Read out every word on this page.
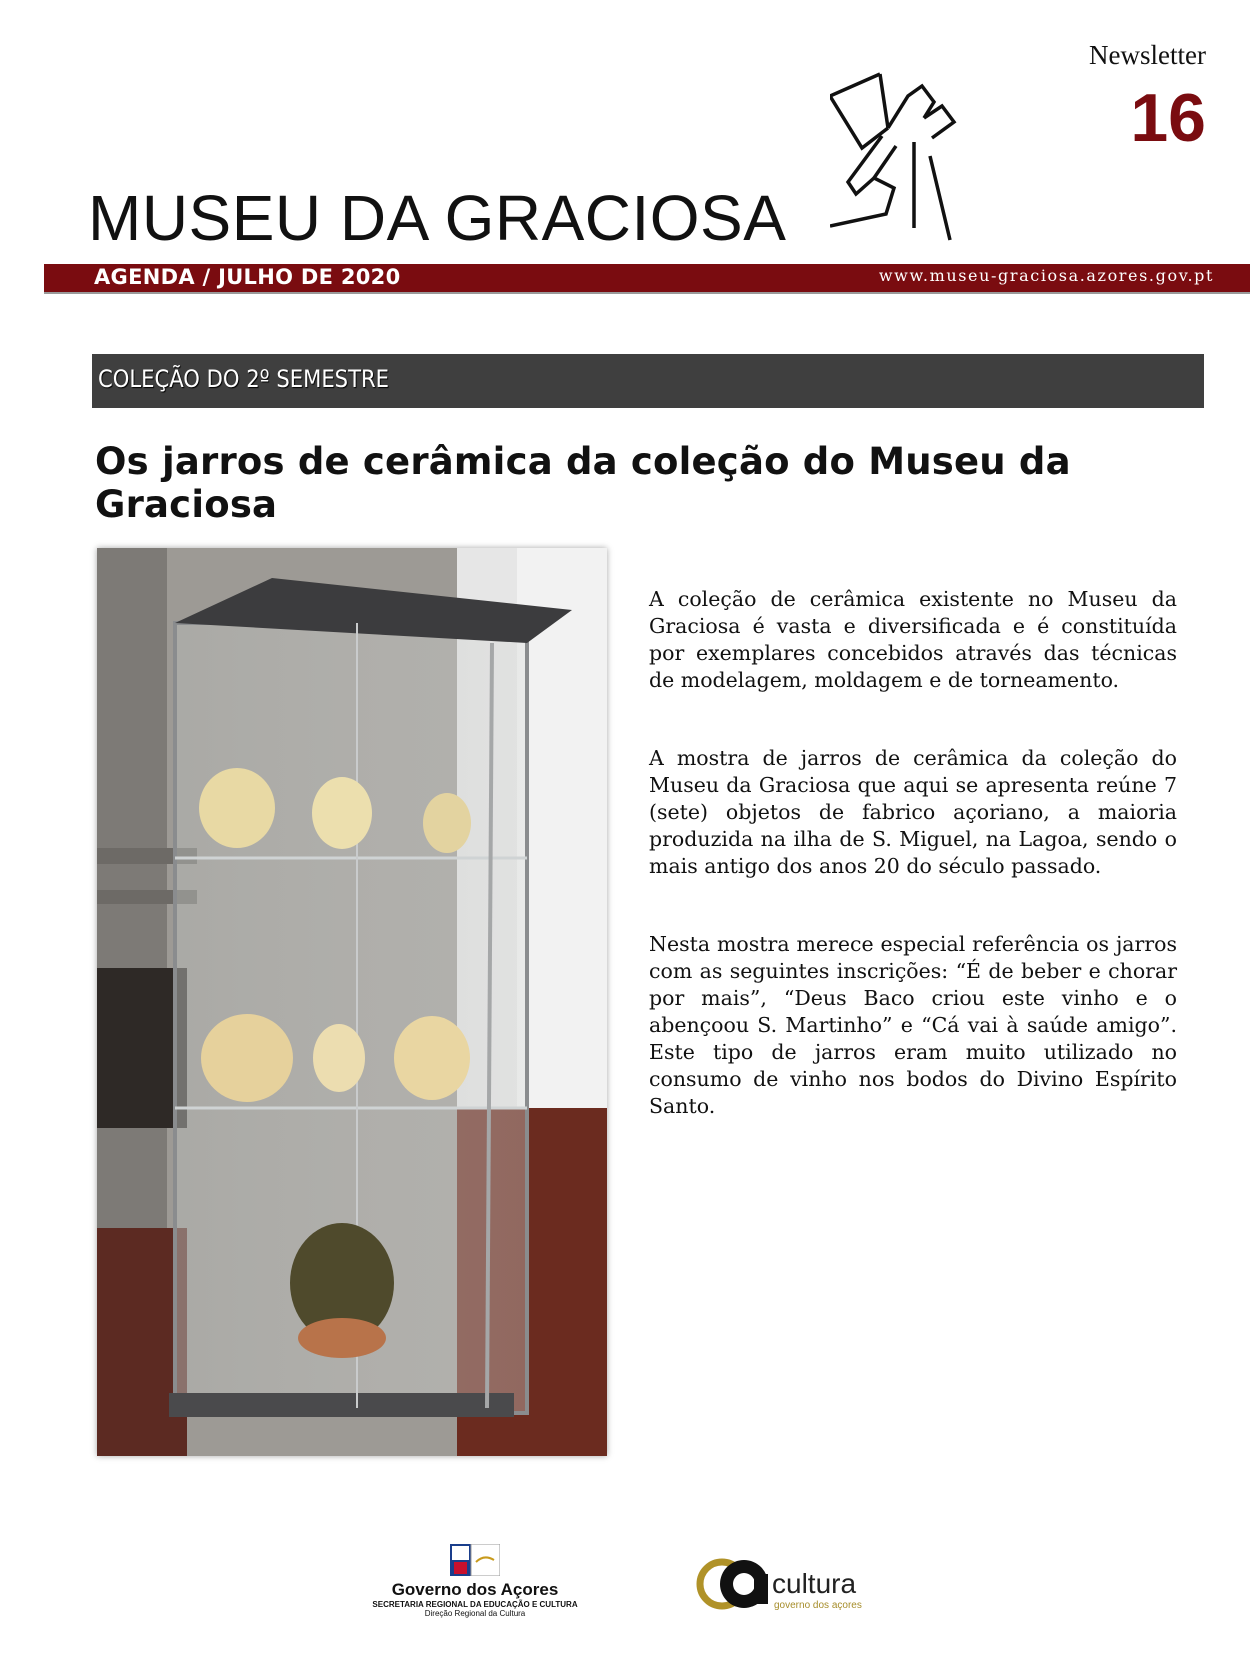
Newsletter
16
MUSEU DA GRACIOSA
AGENDA / JULHO DE 2020	www.museu-graciosa.azores.gov.pt
COLEÇÃO DO 2º SEMESTRE
Os jarros de cerâmica da coleção do Museu da Graciosa

A coleção de cerâmica existente no Museu da Graciosa é vasta e diversificada e é constituída por exemplares concebidos através das técnicas de modelagem, moldagem e de torneamento.

A mostra de jarros de cerâmica da coleção do Museu da Graciosa que aqui se apresenta reúne 7 (sete) objetos de fabrico açoriano, a maioria produzida na ilha de S. Miguel, na Lagoa, sendo o mais antigo dos anos 20 do século passado.

Nesta mostra merece especial referência os jarros com as seguintes inscrições: “É de beber e chorar por mais”, “Deus Baco criou este vinho e o abençoou S. Martinho” e “Cá vai à saúde amigo”. Este tipo de jarros eram muito utilizado no consumo de vinho nos bodos do Divino Espírito Santo.

Governo dos Açores
SECRETARIA REGIONAL DA EDUCAÇÃO E CULTURA
Direção Regional da Cultura
cultura
governo dos açores
